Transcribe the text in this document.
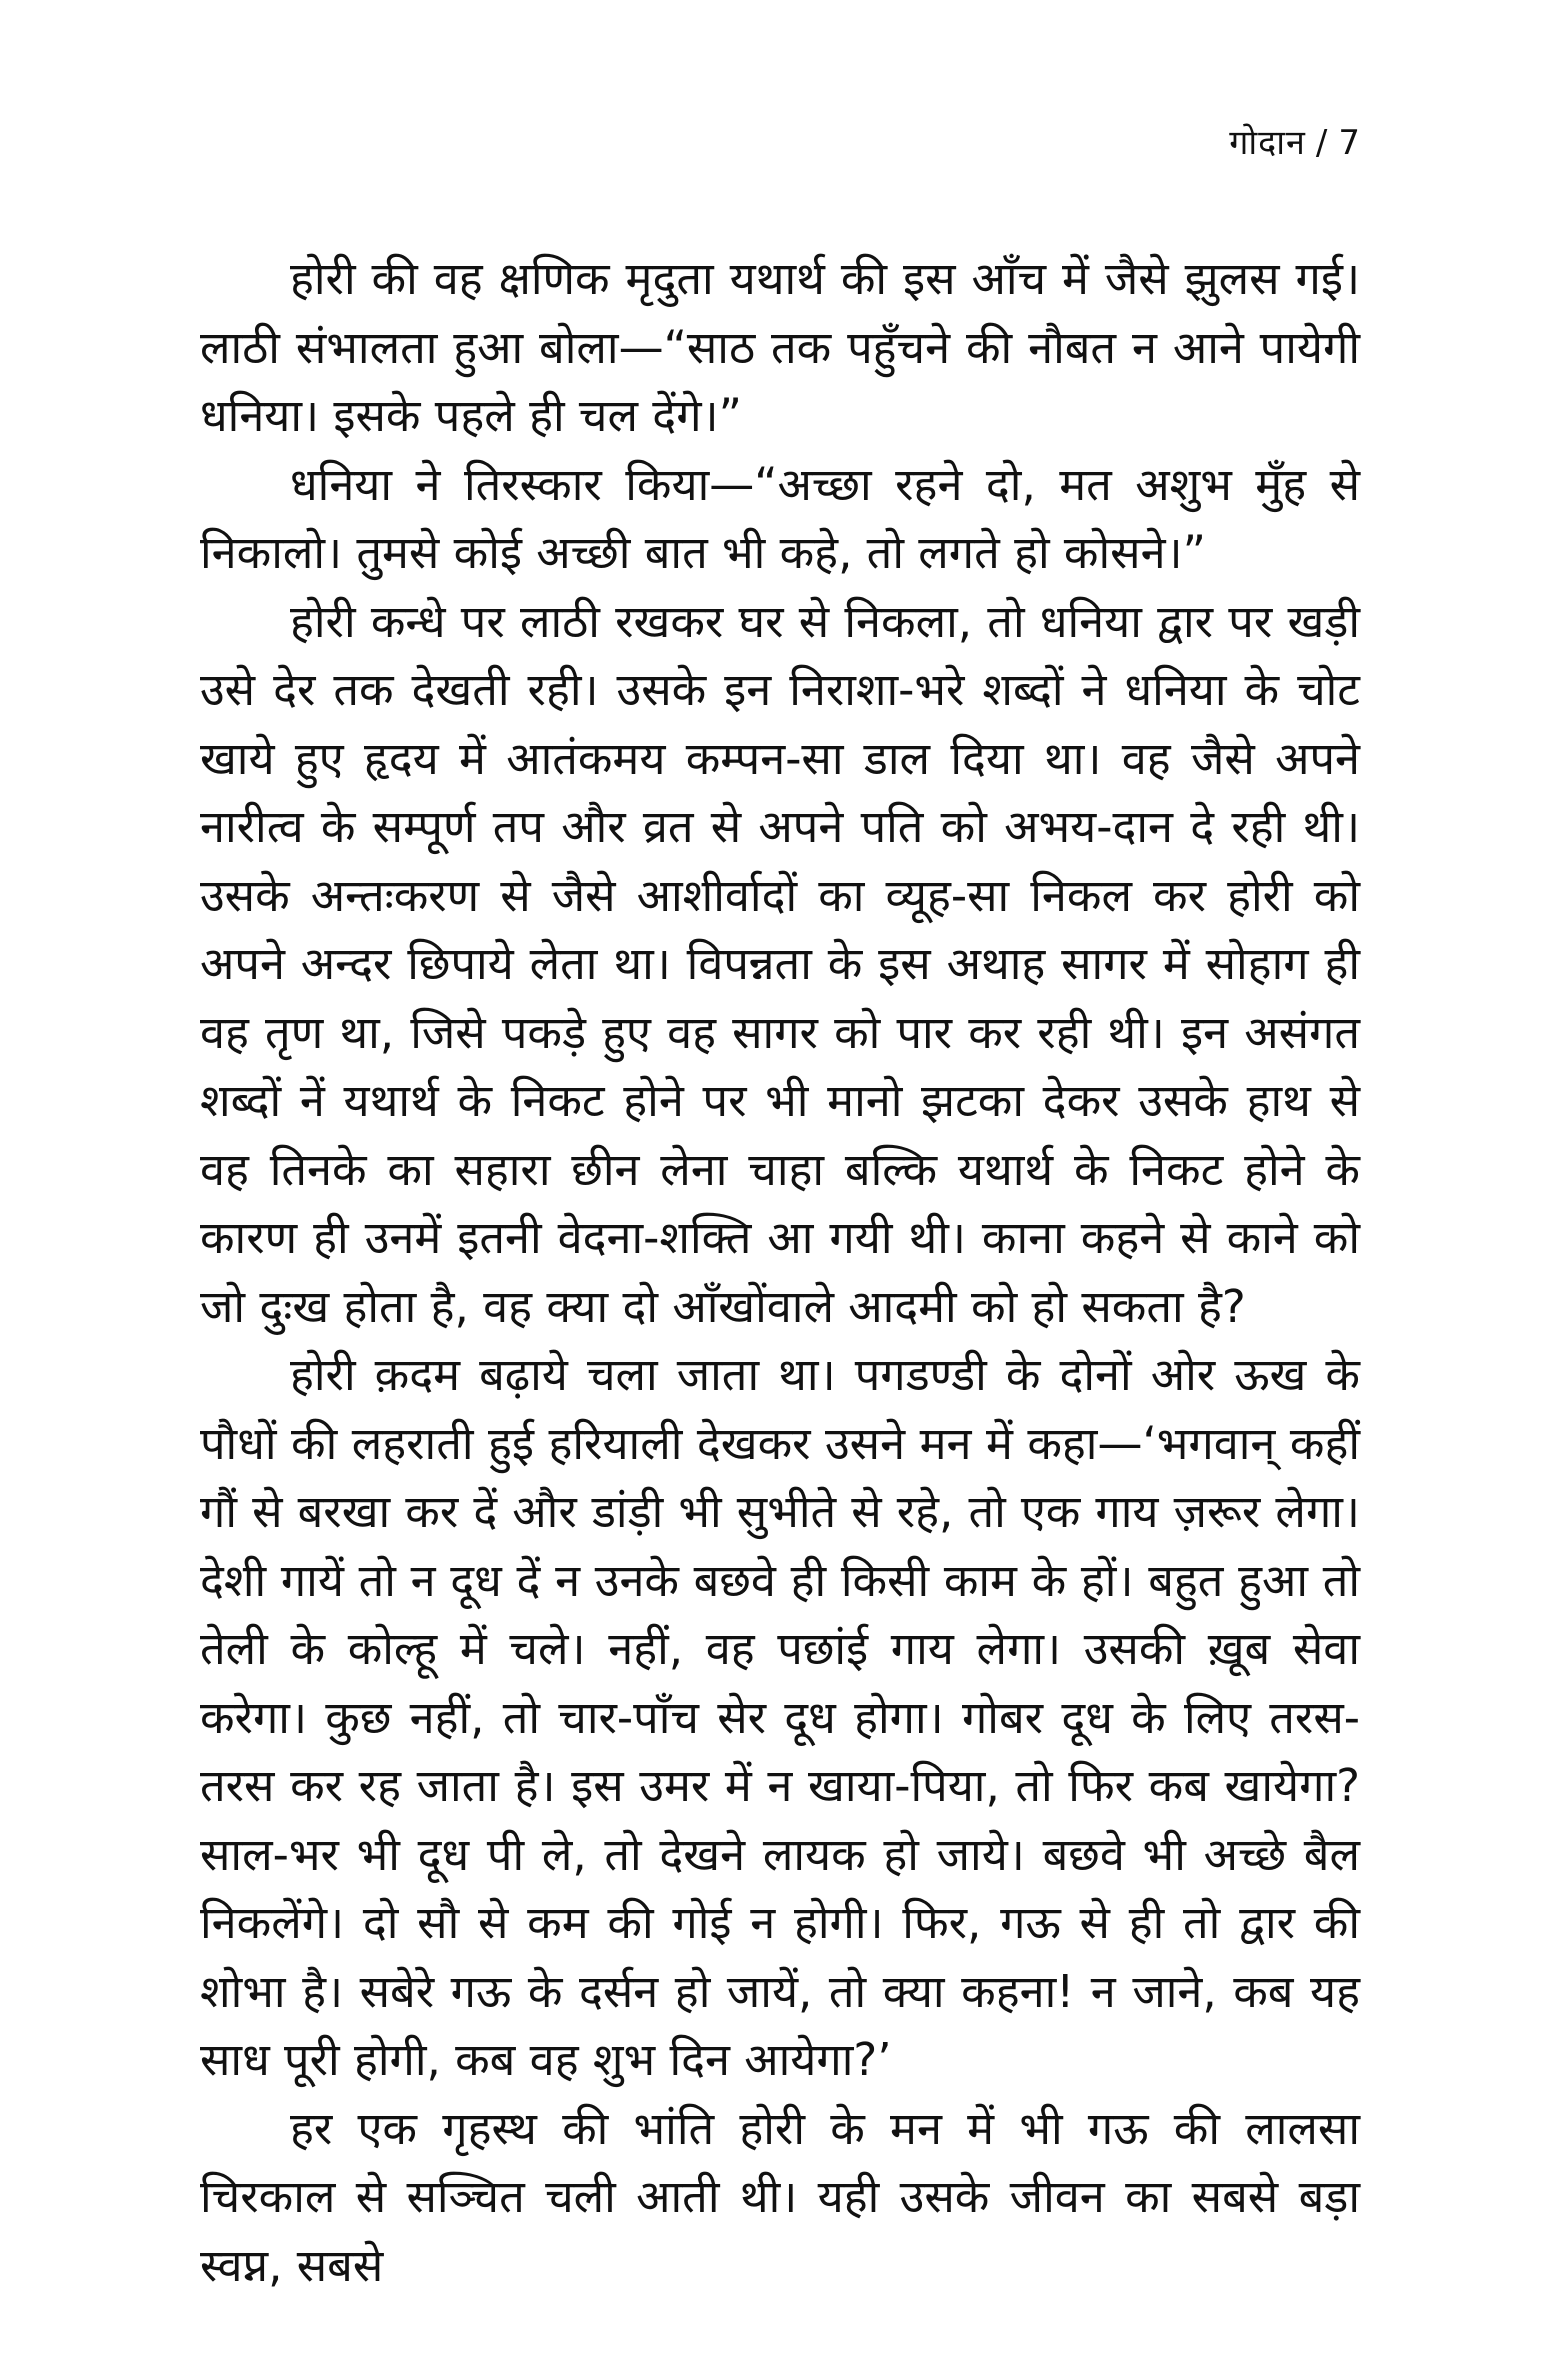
गोदान / 7

होरी की वह क्षणिक मृदुता यथार्थ की इस आँच में जैसे झुलस गई। लाठी संभालता हुआ बोला—“साठ तक पहुँचने की नौबत न आने पायेगी धनिया। इसके पहले ही चल देंगे।”

धनिया ने तिरस्कार किया—“अच्छा रहने दो, मत अशुभ मुँह से निकालो। तुमसे कोई अच्छी बात भी कहे, तो लगते हो कोसने।”

होरी कन्धे पर लाठी रखकर घर से निकला, तो धनिया द्वार पर खड़ी उसे देर तक देखती रही। उसके इन निराशा-भरे शब्दों ने धनिया के चोट खाये हुए हृदय में आतंकमय कम्पन-सा डाल दिया था। वह जैसे अपने नारीत्व के सम्पूर्ण तप और व्रत से अपने पति को अभय-दान दे रही थी। उसके अन्तःकरण से जैसे आशीर्वादों का व्यूह-सा निकल कर होरी को अपने अन्दर छिपाये लेता था। विपन्नता के इस अथाह सागर में सोहाग ही वह तृण था, जिसे पकड़े हुए वह सागर को पार कर रही थी। इन असंगत शब्दों नें यथार्थ के निकट होने पर भी मानो झटका देकर उसके हाथ से वह तिनके का सहारा छीन लेना चाहा बल्कि यथार्थ के निकट होने के कारण ही उनमें इतनी वेदना-शक्ति आ गयी थी। काना कहने से काने को जो दुःख होता है, वह क्या दो आँखोंवाले आदमी को हो सकता है?

होरी क़दम बढ़ाये चला जाता था। पगडण्डी के दोनों ओर ऊख के पौधों की लहराती हुई हरियाली देखकर उसने मन में कहा—‘भगवान् कहीं गौं से बरखा कर दें और डांड़ी भी सुभीते से रहे, तो एक गाय ज़रूर लेगा। देशी गायें तो न दूध दें न उनके बछवे ही किसी काम के हों। बहुत हुआ तो तेली के कोल्हू में चले। नहीं, वह पछांई गाय लेगा। उसकी ख़ूब सेवा करेगा। कुछ नहीं, तो चार-पाँच सेर दूध होगा। गोबर दूध के लिए तरस-तरस कर रह जाता है। इस उमर में न खाया-पिया, तो फिर कब खायेगा? साल-भर भी दूध पी ले, तो देखने लायक हो जाये। बछवे भी अच्छे बैल निकलेंगे। दो सौ से कम की गोई न होगी। फिर, गऊ से ही तो द्वार की शोभा है। सबेरे गऊ के दर्सन हो जायें, तो क्या कहना! न जाने, कब यह साध पूरी होगी, कब वह शुभ दिन आयेगा?’

हर एक गृहस्थ की भांति होरी के मन में भी गऊ की लालसा चिरकाल से सञ्चित चली आती थी। यही उसके जीवन का सबसे बड़ा स्वप्न, सबसे
